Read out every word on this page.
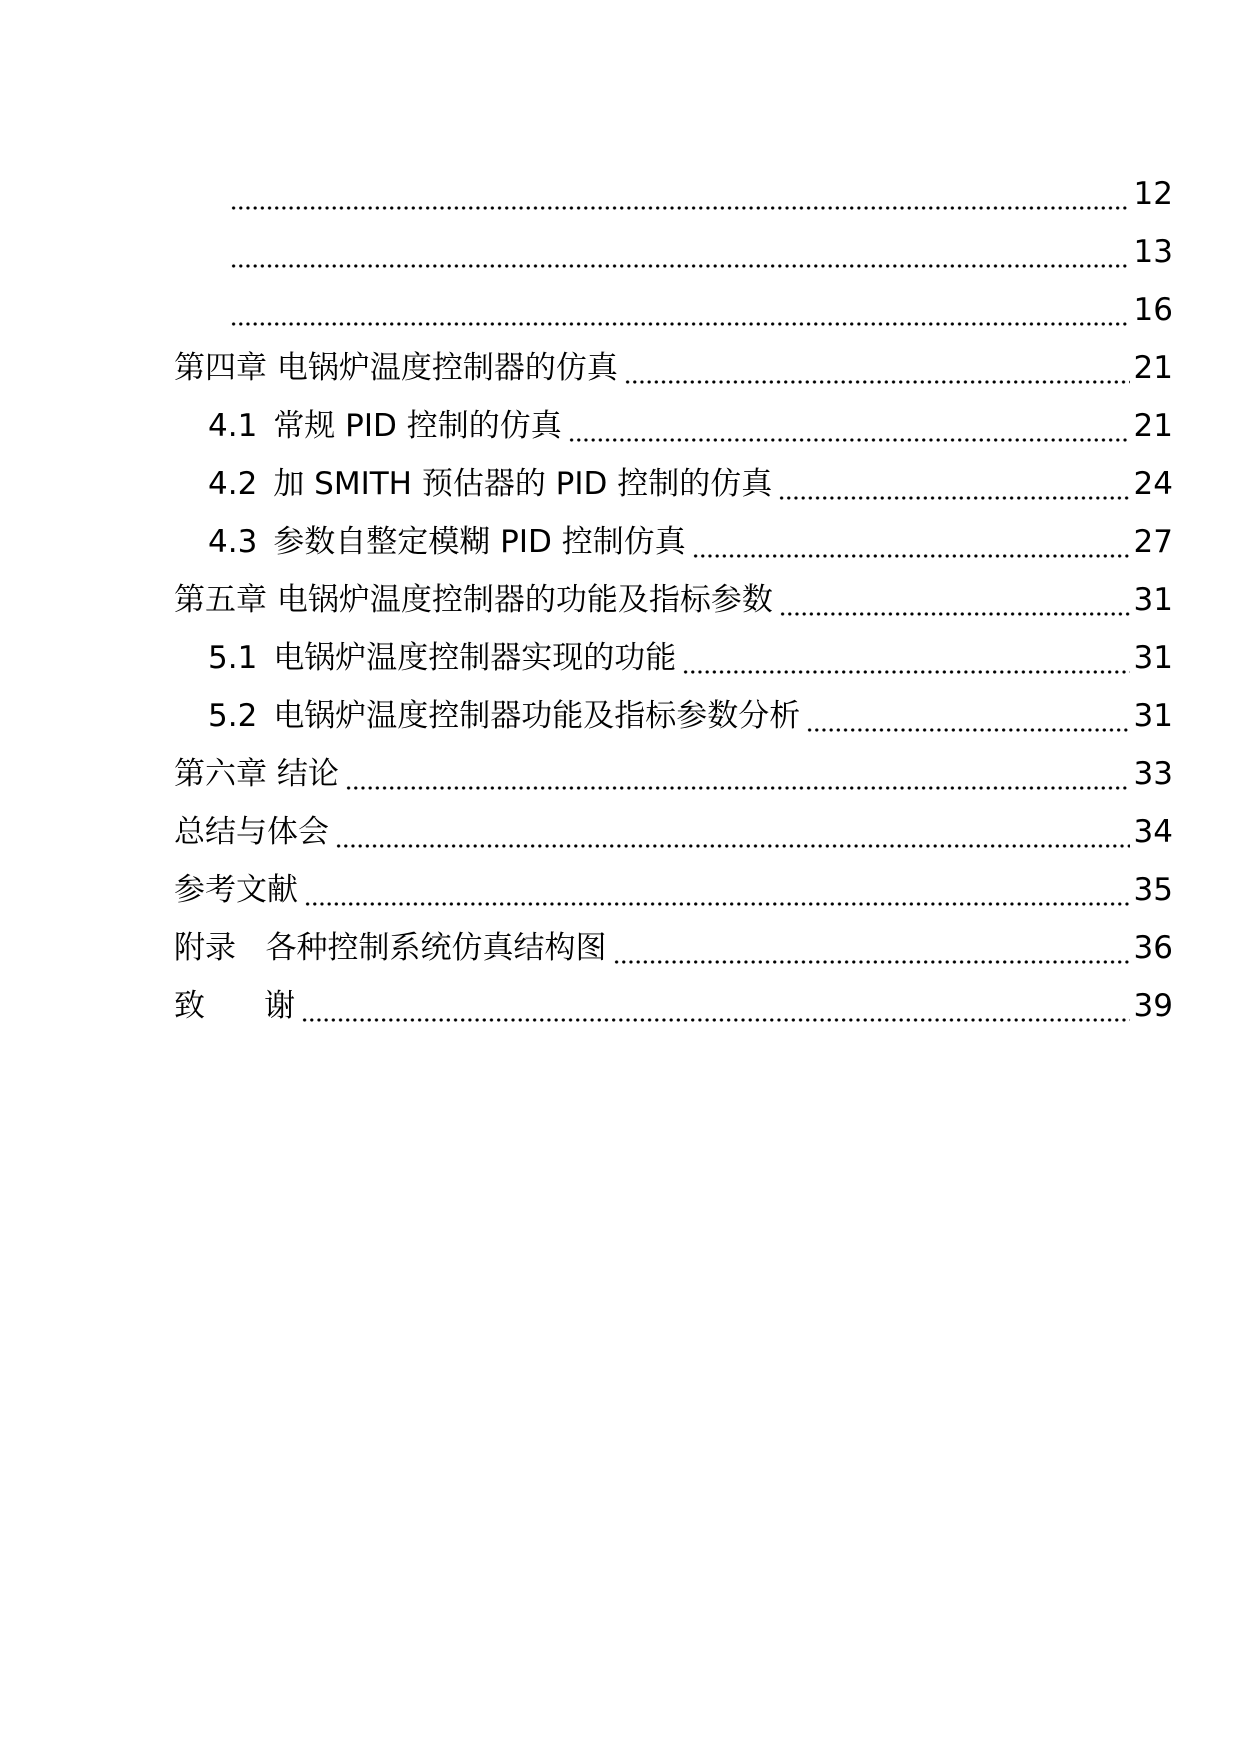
12
13
16
第四章 电锅炉温度控制器的仿真	21
4.1 常规 PID 控制的仿真	21
4.2 加 SMITH 预估器的 PID 控制的仿真	24
4.3 参数自整定模糊 PID 控制仿真	27
第五章 电锅炉温度控制器的功能及指标参数	31
5.1 电锅炉温度控制器实现的功能	31
5.2 电锅炉温度控制器功能及指标参数分析	31
第六章 结论	33
总结与体会	34
参考文献	35
附录   各种控制系统仿真结构图	36
致      谢	39
